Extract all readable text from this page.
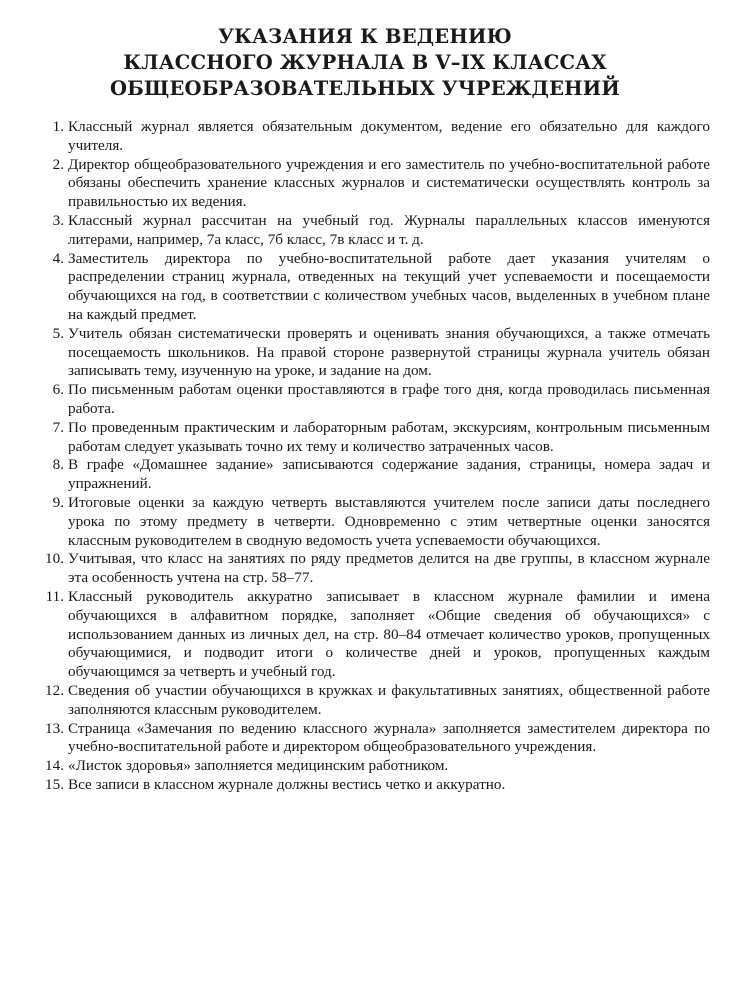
УКАЗАНИЯ К ВЕДЕНИЮ
КЛАССНОГО ЖУРНАЛА В V–IX КЛАССАХ
ОБЩЕОБРАЗОВАТЕЛЬНЫХ УЧРЕЖДЕНИЙ
1. Классный журнал является обязательным документом, ведение его обязательно для каждого учителя.
2. Директор общеобразовательного учреждения и его заместитель по учебно-воспитательной работе обязаны обеспечить хранение классных журналов и систематически осуществлять контроль за правильностью их ведения.
3. Классный журнал рассчитан на учебный год. Журналы параллельных классов именуются литерами, например, 7а класс, 7б класс, 7в класс и т. д.
4. Заместитель директора по учебно-воспитательной работе дает указания учителям о распределении страниц журнала, отведенных на текущий учет успеваемости и посещаемости обучающихся на год, в соответствии с количеством учебных часов, выделенных в учебном плане на каждый предмет.
5. Учитель обязан систематически проверять и оценивать знания обучающихся, а также отмечать посещаемость школьников. На правой стороне развернутой страницы журнала учитель обязан записывать тему, изученную на уроке, и задание на дом.
6. По письменным работам оценки проставляются в графе того дня, когда проводилась письменная работа.
7. По проведенным практическим и лабораторным работам, экскурсиям, контрольным письменным работам следует указывать точно их тему и количество затраченных часов.
8. В графе «Домашнее задание» записываются содержание задания, страницы, номера задач и упражнений.
9. Итоговые оценки за каждую четверть выставляются учителем после записи даты последнего урока по этому предмету в четверти. Одновременно с этим четвертные оценки заносятся классным руководителем в сводную ведомость учета успеваемости обучающихся.
10. Учитывая, что класс на занятиях по ряду предметов делится на две группы, в классном журнале эта особенность учтена на стр. 58–77.
11. Классный руководитель аккуратно записывает в классном журнале фамилии и имена обучающихся в алфавитном порядке, заполняет «Общие сведения об обучающихся» с использованием данных из личных дел, на стр. 80–84 отмечает количество уроков, пропущенных обучающимися, и подводит итоги о количестве дней и уроков, пропущенных каждым обучающимся за четверть и учебный год.
12. Сведения об участии обучающихся в кружках и факультативных занятиях, общественной работе заполняются классным руководителем.
13. Страница «Замечания по ведению классного журнала» заполняется заместителем директора по учебно-воспитательной работе и директором общеобразовательного учреждения.
14. «Листок здоровья» заполняется медицинским работником.
15. Все записи в классном журнале должны вестись четко и аккуратно.
